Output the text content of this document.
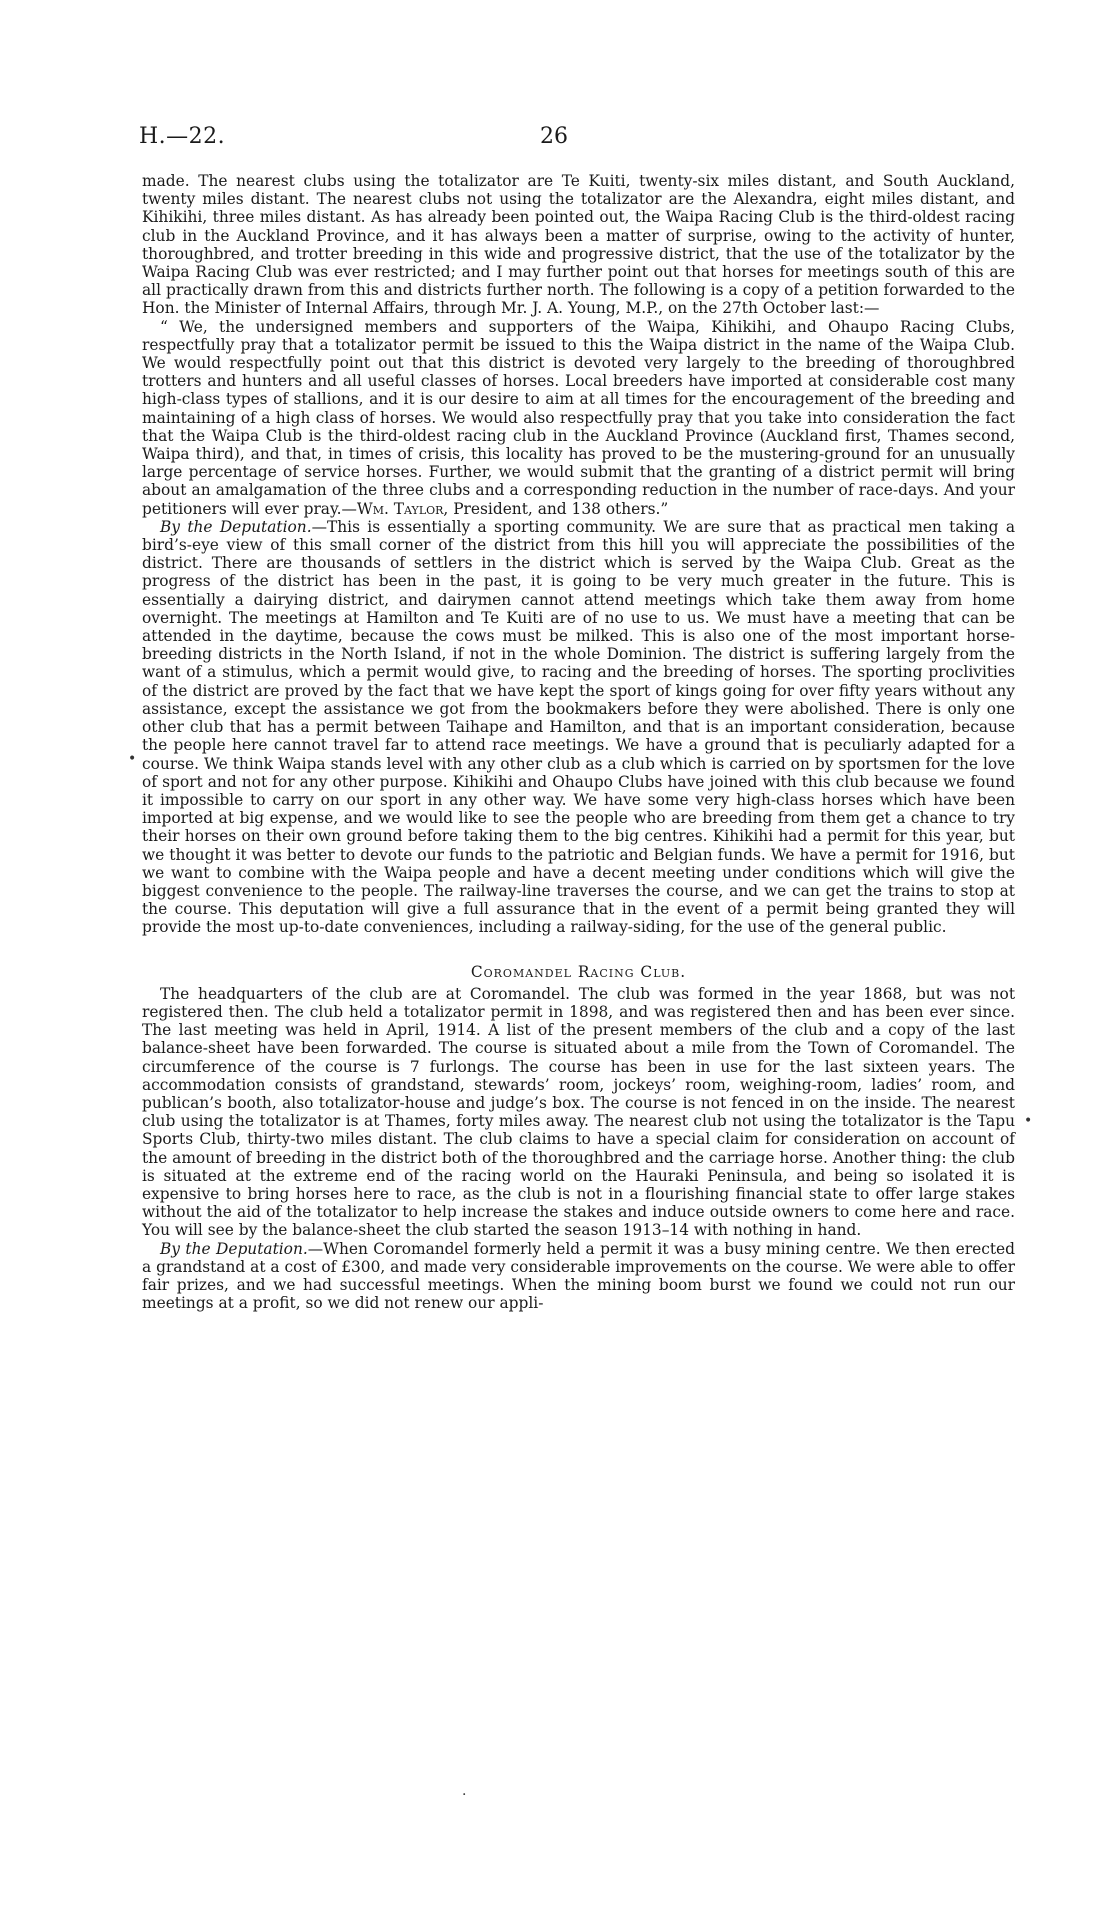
H.—22.	26

made. The nearest clubs using the totalizator are Te Kuiti, twenty-six miles distant, and South Auckland, twenty miles distant. The nearest clubs not using the totalizator are the Alexandra, eight miles distant, and Kihikihi, three miles distant. As has already been pointed out, the Waipa Racing Club is the third-oldest racing club in the Auckland Province, and it has always been a matter of surprise, owing to the activity of hunter, thoroughbred, and trotter breeding in this wide and progressive district, that the use of the totalizator by the Waipa Racing Club was ever restricted; and I may further point out that horses for meetings south of this are all practically drawn from this and districts further north. The following is a copy of a petition forwarded to the Hon. the Minister of Internal Affairs, through Mr. J. A. Young, M.P., on the 27th October last:—

“ We, the undersigned members and supporters of the Waipa, Kihikihi, and Ohaupo Racing Clubs, respectfully pray that a totalizator permit be issued to this the Waipa district in the name of the Waipa Club. We would respectfully point out that this district is devoted very largely to the breeding of thoroughbred trotters and hunters and all useful classes of horses. Local breeders have imported at considerable cost many high-class types of stallions, and it is our desire to aim at all times for the encouragement of the breeding and maintaining of a high class of horses. We would also respectfully pray that you take into consideration the fact that the Waipa Club is the third-oldest racing club in the Auckland Province (Auckland first, Thames second, Waipa third), and that, in times of crisis, this locality has proved to be the mustering-ground for an unusually large percentage of service horses. Further, we would submit that the granting of a district permit will bring about an amalgamation of the three clubs and a corresponding reduction in the number of race-days. And your petitioners will ever pray.—Wm. Taylor, President, and 138 others.”

By the Deputation.—This is essentially a sporting community. We are sure that as practical men taking a bird’s-eye view of this small corner of the district from this hill you will appreciate the possibilities of the district. There are thousands of settlers in the district which is served by the Waipa Club. Great as the progress of the district has been in the past, it is going to be very much greater in the future. This is essentially a dairying district, and dairymen cannot attend meetings which take them away from home overnight. The meetings at Hamilton and Te Kuiti are of no use to us. We must have a meeting that can be attended in the daytime, because the cows must be milked. This is also one of the most important horse-breeding districts in the North Island, if not in the whole Dominion. The district is suffering largely from the want of a stimulus, which a permit would give, to racing and the breeding of horses. The sporting proclivities of the district are proved by the fact that we have kept the sport of kings going for over fifty years without any assistance, except the assistance we got from the bookmakers before they were abolished. There is only one other club that has a permit between Taihape and Hamilton, and that is an important consideration, because the people here cannot travel far to attend race meetings. We have a ground that is peculiarly adapted for a course. We think Waipa stands level with any other club as a club which is carried on by sportsmen for the love of sport and not for any other purpose. Kihikihi and Ohaupo Clubs have joined with this club because we found it impossible to carry on our sport in any other way. We have some very high-class horses which have been imported at big expense, and we would like to see the people who are breeding from them get a chance to try their horses on their own ground before taking them to the big centres. Kihikihi had a permit for this year, but we thought it was better to devote our funds to the patriotic and Belgian funds. We have a permit for 1916, but we want to combine with the Waipa people and have a decent meeting under conditions which will give the biggest convenience to the people. The railway-line traverses the course, and we can get the trains to stop at the course. This deputation will give a full assurance that in the event of a permit being granted they will provide the most up-to-date conveniences, including a railway-siding, for the use of the general public.

Coromandel Racing Club.

The headquarters of the club are at Coromandel. The club was formed in the year 1868, but was not registered then. The club held a totalizator permit in 1898, and was registered then and has been ever since. The last meeting was held in April, 1914. A list of the present members of the club and a copy of the last balance-sheet have been forwarded. The course is situated about a mile from the Town of Coromandel. The circumference of the course is 7 furlongs. The course has been in use for the last sixteen years. The accommodation consists of grandstand, stewards’ room, jockeys’ room, weighing-room, ladies’ room, and publican’s booth, also totalizator-house and judge’s box. The course is not fenced in on the inside. The nearest club using the totalizator is at Thames, forty miles away. The nearest club not using the totalizator is the Tapu Sports Club, thirty-two miles distant. The club claims to have a special claim for consideration on account of the amount of breeding in the district both of the thoroughbred and the carriage horse. Another thing: the club is situated at the extreme end of the racing world on the Hauraki Peninsula, and being so isolated it is expensive to bring horses here to race, as the club is not in a flourishing financial state to offer large stakes without the aid of the totalizator to help increase the stakes and induce outside owners to come here and race. You will see by the balance-sheet the club started the season 1913–14 with nothing in hand.

By the Deputation.—When Coromandel formerly held a permit it was a busy mining centre. We then erected a grandstand at a cost of £300, and made very considerable improvements on the course. We were able to offer fair prizes, and we had successful meetings. When the mining boom burst we found we could not run our meetings at a profit, so we did not renew our appli-

•
•
·
